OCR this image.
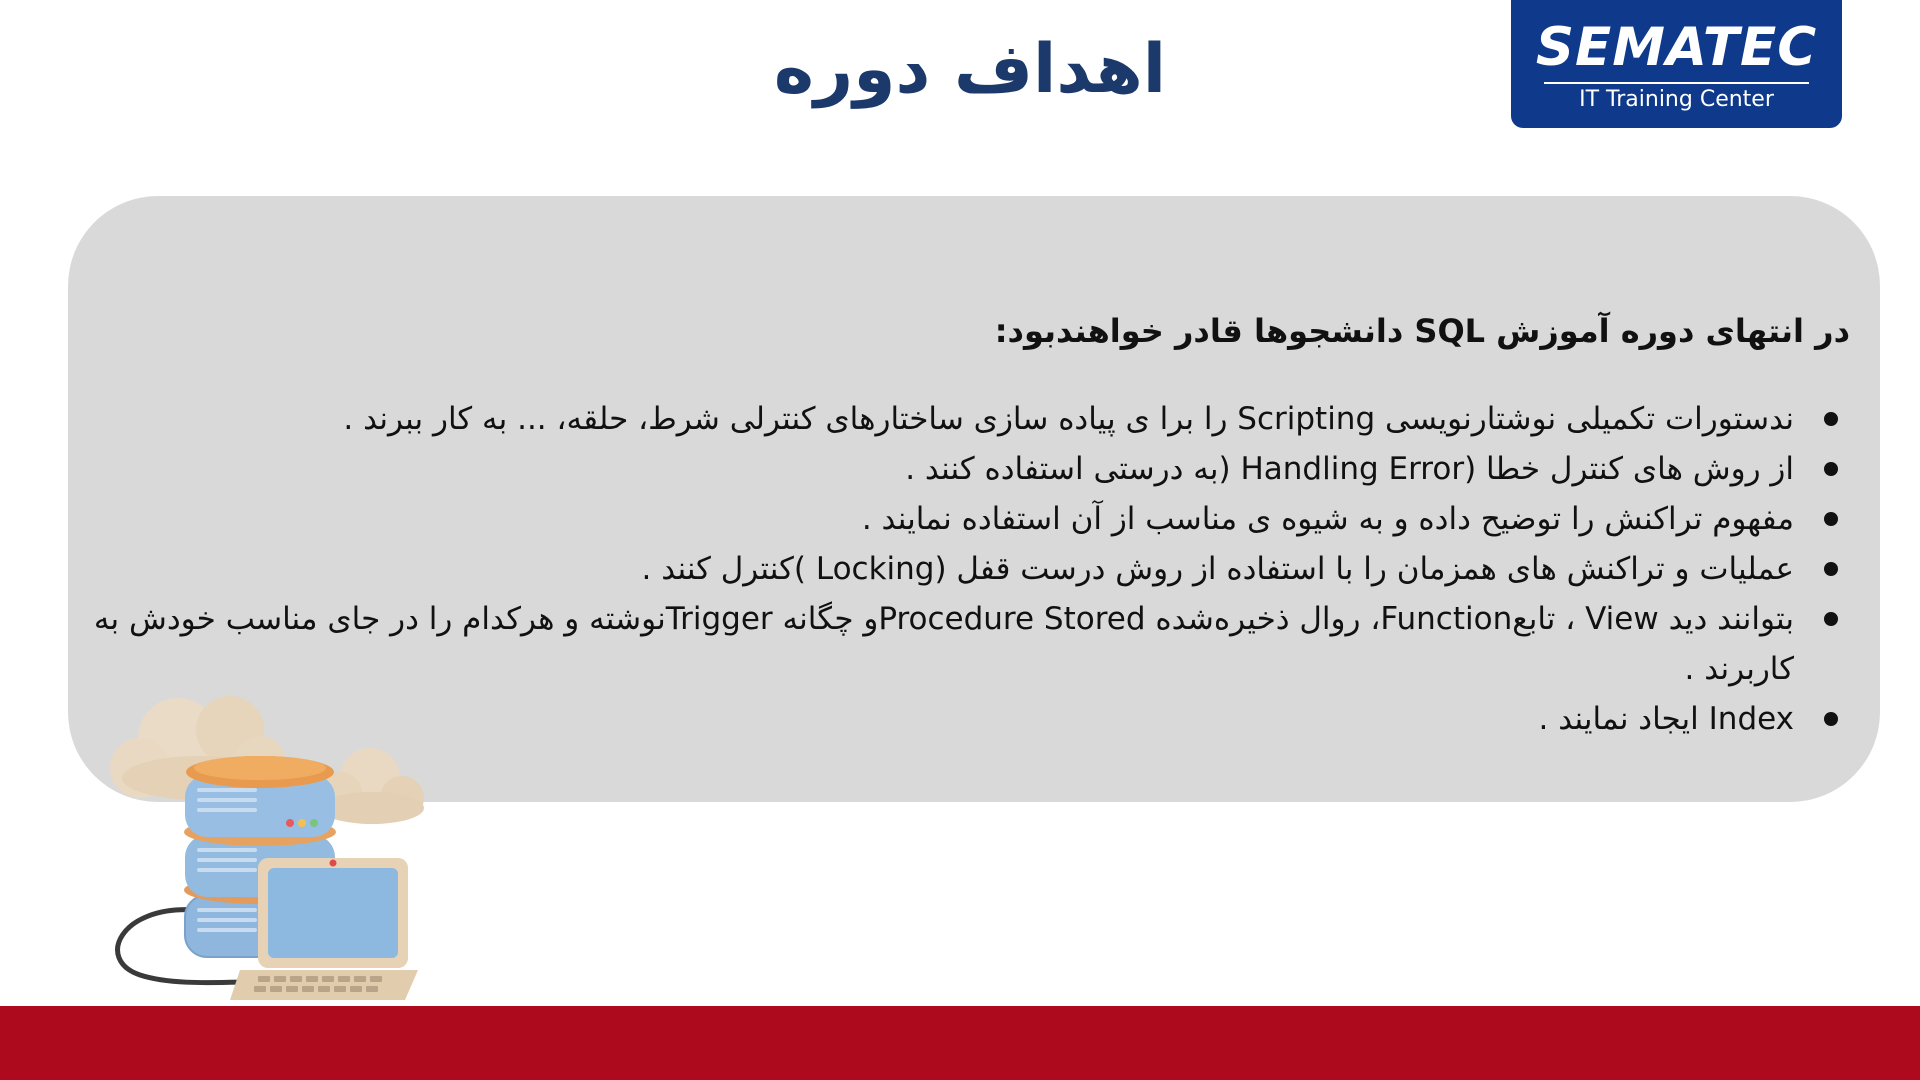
SEMATEC
IT Training Center
اهداف دوره

در انتهای دوره آموزش SQL دانشجوها قادر خواهندبود:

ندستورات تکمیلی نوشتارنویسی Scripting را برا ی پیاده سازی ساختارهای کنترلی شرط، حلقه، ... به کار ببرند .
از روش های کنترل خطا (Handling Error (به درستی استفاده کنند .
مفهوم تراکنش را توضیح داده و به شیوه ی مناسب از آن استفاده نمایند .
عملیات و تراکنش های همزمان را با استفاده از روش درست قفل (Locking )کنترل کنند .
بتوانند دید View ، تابعFunction، روال ذخیره‌شده Procedure Storedو چگانه Triggerنوشته و هرکدام را در جای مناسب خودش به کاربرند .
Index ایجاد نمایند .
